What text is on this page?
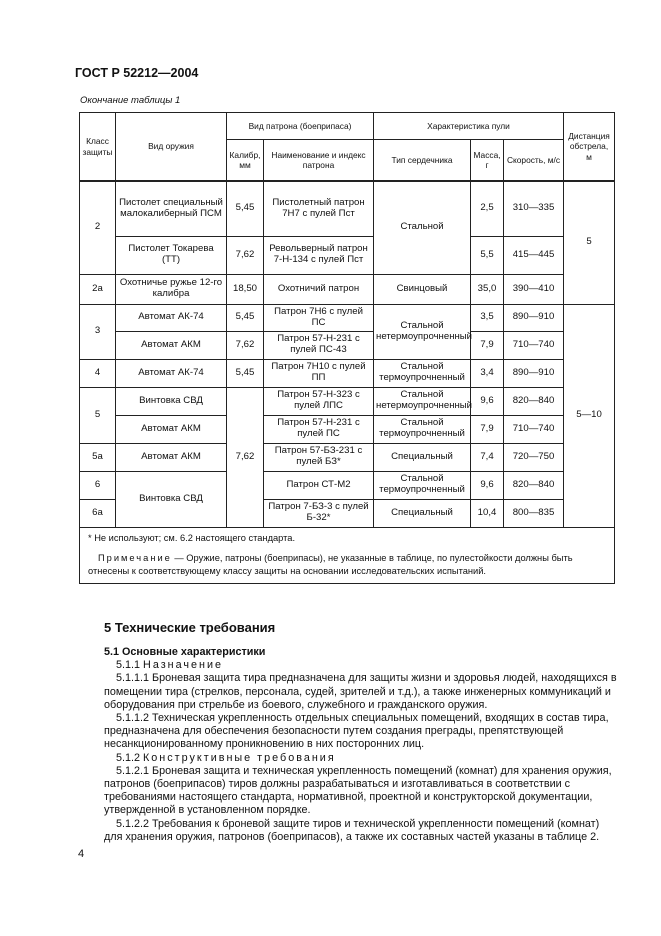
ГОСТ Р 52212—2004
Окончание таблицы 1
Класс защиты	Вид оружия	Вид патрона (боеприпаса)		Характеристика пули			Дистанция обстрела, м
		Калибр, мм	Наименование и индекс патрона	Тип сердечника	Масса, г	Скорость, м/с	
2	Пистолет специальный малокалиберный ПСМ	5,45	Пистолетный патрон 7Н7 с пулей Пст	Стальной	2,5	310—335	5
	Пистолет Токарева (ТТ)	7,62	Револьверный патрон 7-Н-134 с пулей Пст		5,5	415—445	
2а	Охотничье ружье 12-го калибра	18,50	Охотничий патрон	Свинцовый	35,0	390—410	
3	Автомат АК-74	5,45	Патрон 7Н6 с пулей ПС	Стальной нетермоупрочненный	3,5	890—910	5—10
	Автомат АКМ	7,62	Патрон 57-Н-231 с пулей ПС-43		7,9	710—740	
4	Автомат АК-74	5,45	Патрон 7Н10 с пулей ПП	Стальной термоупрочненный	3,4	890—910	
5	Винтовка СВД	7,62	Патрон 57-Н-323 с пулей ЛПС	Стальной нетермоупрочненный	9,6	820—840	
	Автомат АКМ		Патрон 57-Н-231 с пулей ПС	Стальной термоупрочненный	7,9	710—740	
5а	Автомат АКМ		Патрон 57-БЗ-231 с пулей БЗ*	Специальный	7,4	720—750	
6	Винтовка СВД		Патрон СТ-М2	Стальной термоупрочненный	9,6	820—840	
6а			Патрон 7-БЗ-3 с пулей Б-32*	Специальный	10,4	800—835	

* Не используют; см. 6.2 настоящего стандарта.
Примечание — Оружие, патроны (боеприпасы), не указанные в таблице, по пулестойкости должны быть отнесены к соответствующему классу защиты на основании исследовательских испытаний.							
5 Технические требования

5.1 Основные характеристики

5.1.1 Назначение

5.1.1.1 Броневая защита тира предназначена для защиты жизни и здоровья людей, находящихся в помещении тира (стрелков, персонала, судей, зрителей и т.д.), а также инженерных коммуникаций и оборудования при стрельбе из боевого, служебного и гражданского оружия.

5.1.1.2 Техническая укрепленность отдельных специальных помещений, входящих в состав тира, предназначена для обеспечения безопасности путем создания преграды, препятствующей несанкционированному проникновению в них посторонних лиц.

5.1.2 Конструктивные требования

5.1.2.1 Броневая защита и техническая укрепленность помещений (комнат) для хранения оружия, патронов (боеприпасов) тиров должны разрабатываться и изготавливаться в соответствии с требованиями настоящего стандарта, нормативной, проектной и конструкторской документации, утвержденной в установленном порядке.

5.1.2.2 Требования к броневой защите тиров и технической укрепленности помещений (комнат) для хранения оружия, патронов (боеприпасов), а также их составных частей указаны в таблице 2.

4
